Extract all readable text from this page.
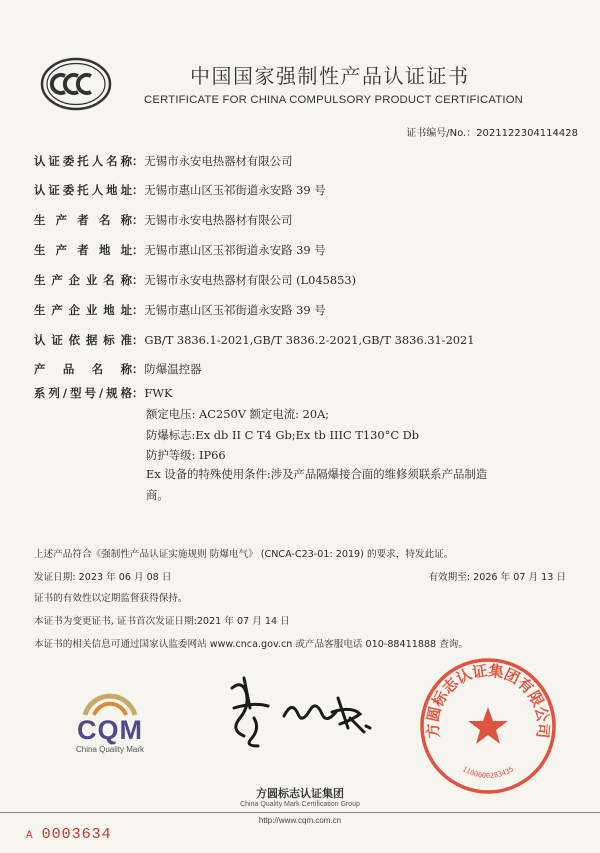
中国国家强制性产品认证证书
CERTIFICATE FOR CHINA COMPULSORY PRODUCT CERTIFICATION
证书编号/No.：2021122304114428
认证委托人名称：无锡市永安电热器材有限公司
认证委托人地址：无锡市惠山区玉祁街道永安路 39 号
生产者名称：无锡市永安电热器材有限公司
生产者地址：无锡市惠山区玉祁街道永安路 39 号
生产企业名称：无锡市永安电热器材有限公司 (L045853)
生产企业地址：无锡市惠山区玉祁街道永安路 39 号
认证依据标准：GB/T 3836.1-2021,GB/T 3836.2-2021,GB/T 3836.31-2021
产品名称：防爆温控器
系列/型号/规格：FWK
额定电压: AC250V 额定电流: 20A;
防爆标志:Ex db II C T4 Gb;Ex tb IIIC T130°C Db
防护等级: IP66
Ex 设备的特殊使用条件:涉及产品隔爆接合面的维修须联系产品制造
商。
上述产品符合《强制性产品认证实施规则 防爆电气》 (CNCA-C23-01: 2019) 的要求，特发此证。
发证日期: 2023 年 06 月 08 日	有效期至: 2026 年 07 月 13 日
证书的有效性以定期监督获得保持。
本证书为变更证书, 证书首次发证日期:2021 年 07 月 14 日
本证书的相关信息可通过国家认监委网站 www.cnca.gov.cn 或产品客服电话 010-88411888 查询。
CQM
China Quality Mark
方圆标志认证集团有限公司
1100000283435
方圆标志认证集团
China Quality Mark Certification Group
http://www.cqm.com.cn
A 0003634
